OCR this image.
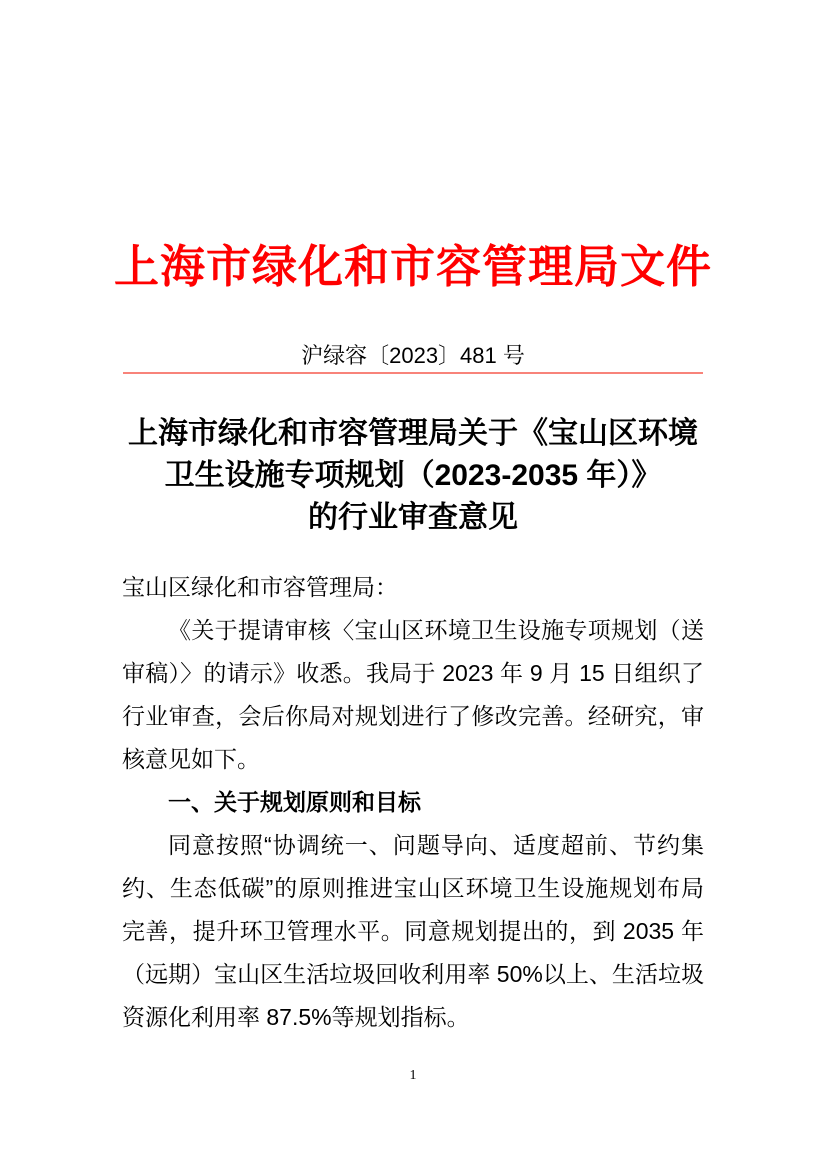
上海市绿化和市容管理局文件
沪绿容〔2023〕481 号
上海市绿化和市容管理局关于《宝山区环境
卫生设施专项规划（2023-2035 年）》
的行业审查意见

宝山区绿化和市容管理局：

《关于提请审核〈宝山区环境卫生设施专项规划（送审稿）〉的请示》收悉。我局于 2023 年 9 月 15 日组织了行业审查，会后你局对规划进行了修改完善。经研究，审核意见如下。

一、关于规划原则和目标

同意按照“协调统一、问题导向、适度超前、节约集约、生态低碳”的原则推进宝山区环境卫生设施规划布局完善，提升环卫管理水平。同意规划提出的，到 2035 年（远期）宝山区生活垃圾回收利用率 50%以上、生活垃圾资源化利用率 87.5%等规划指标。

1
